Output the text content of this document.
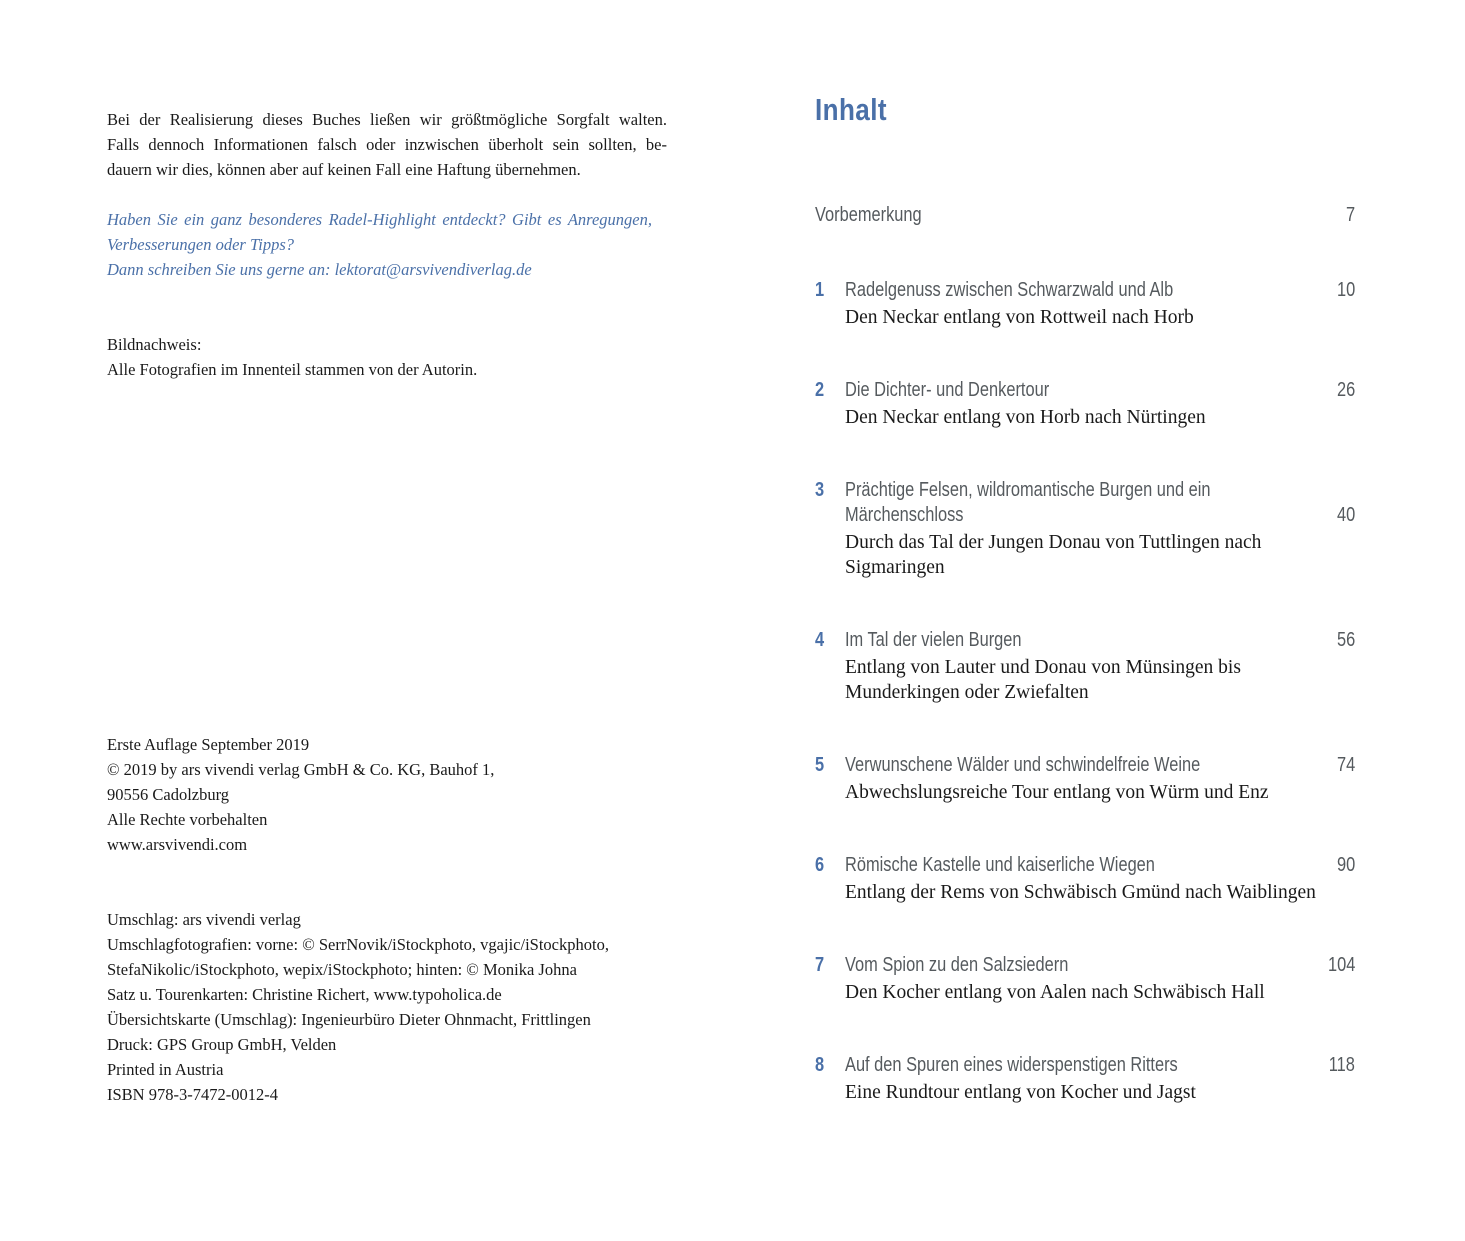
Bei der Realisierung dieses Buches ließen wir größtmögliche Sorgfalt walten.
Falls dennoch Informationen falsch oder inzwischen überholt sein sollten, be-
dauern wir dies, können aber auf keinen Fall eine Haftung übernehmen.

Haben Sie ein ganz besonderes Radel-Highlight entdeckt? Gibt es Anregungen,
Verbesserungen oder Tipps?
Dann schreiben Sie uns gerne an: lektorat@arsvivendiverlag.de

Bildnachweis:
Alle Fotografien im Innenteil stammen von der Autorin.

Erste Auflage September 2019
© 2019 by ars vivendi verlag GmbH & Co. KG, Bauhof 1,
90556 Cadolzburg
Alle Rechte vorbehalten
www.arsvivendi.com

Umschlag: ars vivendi verlag
Umschlagfotografien: vorne: © SerrNovik/iStockphoto, vgajic/iStockphoto,
StefaNikolic/iStockphoto, wepix/iStockphoto; hinten: © Monika Johna
Satz u. Tourenkarten: Christine Richert, www.typoholica.de
Übersichtskarte (Umschlag): Ingenieurbüro Dieter Ohnmacht, Frittlingen
Druck: GPS Group GmbH, Velden
Printed in Austria
ISBN 978-3-7472-0012-4

Inhalt
Vorbemerkung	7
1 Radelgenuss zwischen Schwarzwald und Alb	10
Den Neckar entlang von Rottweil nach Horb
2 Die Dichter- und Denkertour	26
Den Neckar entlang von Horb nach Nürtingen
3 Prächtige Felsen, wildromantische Burgen und ein
Märchenschloss	40
Durch das Tal der Jungen Donau von Tuttlingen nach
Sigmaringen
4 Im Tal der vielen Burgen	56
Entlang von Lauter und Donau von Münsingen bis
Munderkingen oder Zwiefalten
5 Verwunschene Wälder und schwindelfreie Weine	74
Abwechslungsreiche Tour entlang von Würm und Enz
6 Römische Kastelle und kaiserliche Wiegen	90
Entlang der Rems von Schwäbisch Gmünd nach Waiblingen
7 Vom Spion zu den Salzsiedern	104
Den Kocher entlang von Aalen nach Schwäbisch Hall
8 Auf den Spuren eines widerspenstigen Ritters	118
Eine Rundtour entlang von Kocher und Jagst
